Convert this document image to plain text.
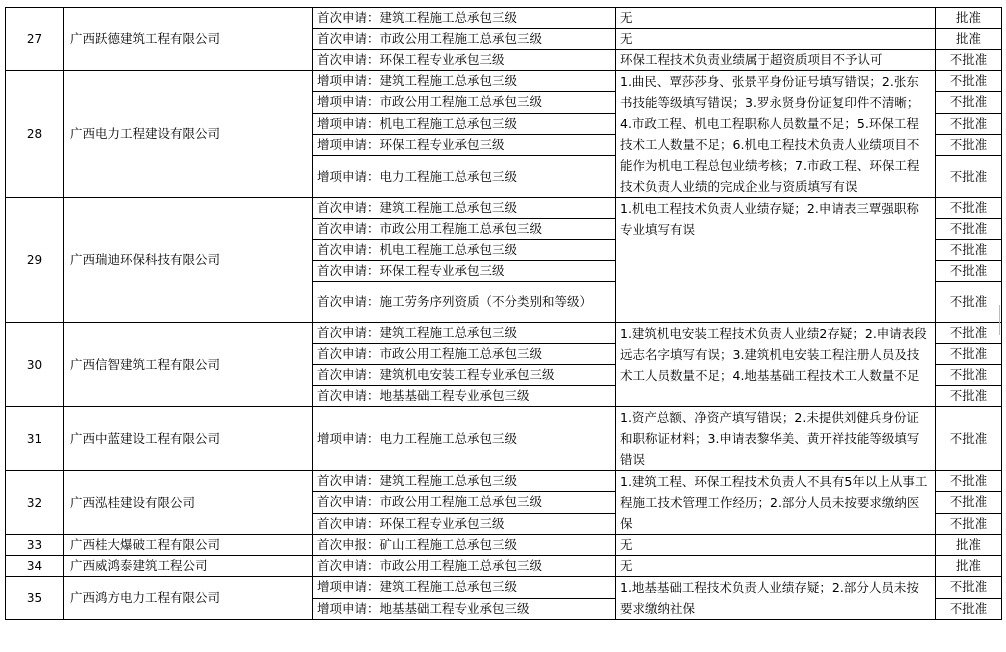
27	广西跃德建筑工程有限公司	首次申请：建筑工程施工总承包三级	无	批准
		首次申请：市政公用工程施工总承包三级	无	批准
		首次申请：环保工程专业承包三级	环保工程技术负责业绩属于超资质项目不予认可	不批准
28	广西电力工程建设有限公司	增项申请：建筑工程施工总承包三级	1.曲民、覃莎莎身、张景平身份证号填写错误；2.张东书技能等级填写错误；3.罗永贤身份证复印件不清晰；4.市政工程、机电工程职称人员数量不足；5.环保工程技术工人数量不足；6.机电工程技术负责人业绩项目不能作为机电工程总包业绩考核；7.市政工程、环保工程技术负责人业绩的完成企业与资质填写有误	不批准
		增项申请：市政公用工程施工总承包三级		不批准
		增项申请：机电工程施工总承包三级		不批准
		增项申请：环保工程专业承包三级		不批准
		增项申请：电力工程施工总承包三级		不批准
29	广西瑞迪环保科技有限公司	首次申请：建筑工程施工总承包三级	1.机电工程技术负责人业绩存疑；2.申请表三覃强职称专业填写有误	不批准
		首次申请：市政公用工程施工总承包三级		不批准
		首次申请：机电工程施工总承包三级		不批准
		首次申请：环保工程专业承包三级		不批准
		首次申请：施工劳务序列资质（不分类别和等级）		不批准
30	广西信智建筑工程有限公司	首次申请：建筑工程施工总承包三级	1.建筑机电安装工程技术负责人业绩2存疑；2.申请表段远志名字填写有误；3.建筑机电安装工程注册人员及技术工人员数量不足；4.地基基础工程技术工人数量不足	不批准
		首次申请：市政公用工程施工总承包三级		不批准
		首次申请：建筑机电安装工程专业承包三级		不批准
		首次申请：地基基础工程专业承包三级		不批准
31	广西中蓝建设工程有限公司	增项申请：电力工程施工总承包三级	1.资产总额、净资产填写错误；2.未提供刘健兵身份证和职称证材料；3.申请表黎华美、黄开祥技能等级填写错误	不批准
32	广西泓桂建设有限公司	首次申请：建筑工程施工总承包三级	1.建筑工程、环保工程技术负责人不具有5年以上从事工程施工技术管理工作经历；2.部分人员未按要求缴纳医保	不批准
		首次申请：市政公用工程施工总承包三级		不批准
		首次申请：环保工程专业承包三级		不批准
33	广西桂大爆破工程有限公司	首次申报：矿山工程施工总承包三级	无	批准
34	广西威鸿泰建筑工程公司	首次申请：市政公用工程施工总承包三级	无	批准
35	广西鸿方电力工程有限公司	增项申请：建筑工程施工总承包三级	1.地基基础工程技术负责人业绩存疑；2.部分人员未按要求缴纳社保	不批准
		增项申请：地基基础工程专业承包三级		不批准
